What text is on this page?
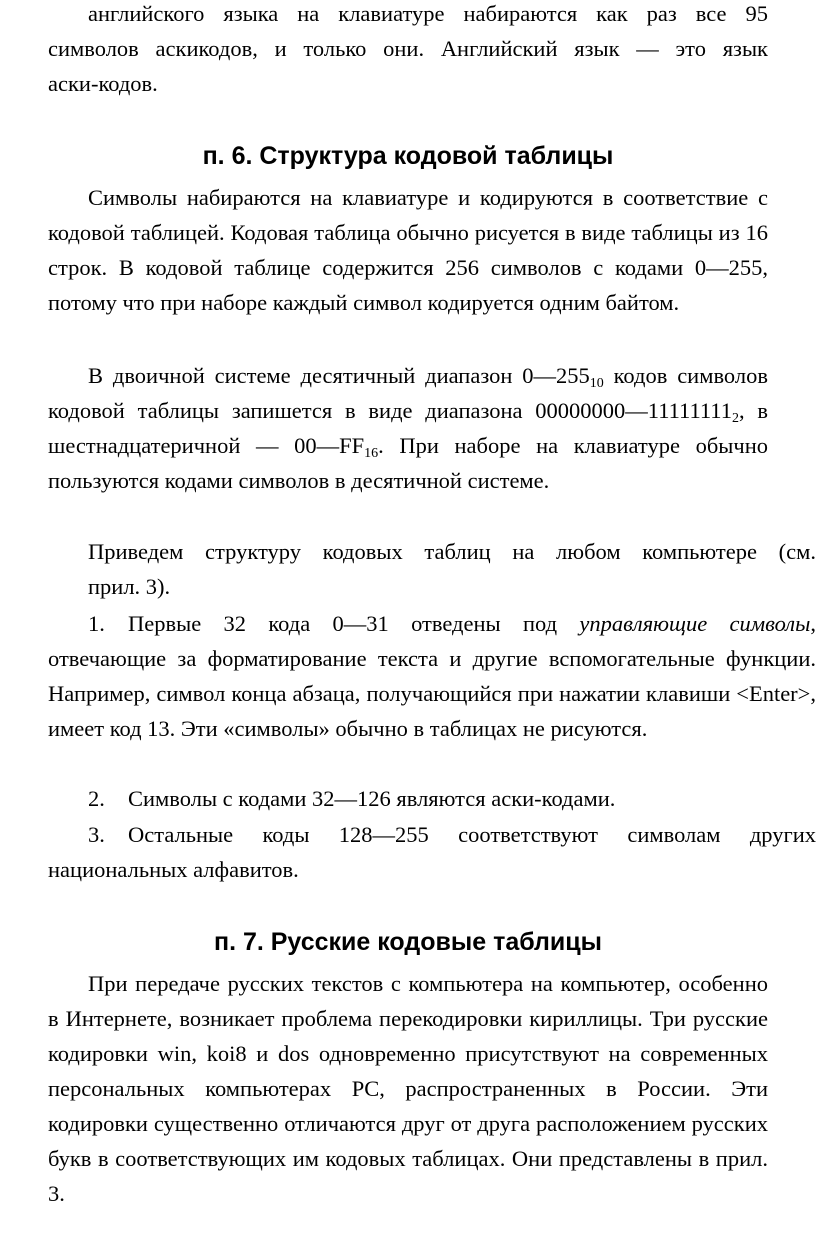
английского языка на клавиатуре набираются как раз все 95

символов аскикодов, и только они. Английский язык — это язык

аски-кодов.

п. 6. Структура кодовой таблицы

Символы набираются на клавиатуре и кодируются в соответствие с кодовой таблицей. Кодовая таблица обычно рисуется в виде таблицы из 16 строк. В кодовой таблице содержится 256 символов с кодами 0—255, потому что при наборе каждый символ кодируется одним байтом.

В двоичной системе десятичный диапазон $0—255_{10}$ кодов символов кодовой таблицы запишется в виде диапазона $00000000—11111111_2$, в шестнадцатеричной — $00—FF_{16}$. При наборе на клавиатуре обычно пользуются кодами символов в десятичной системе.

Приведем структуру кодовых таблиц на любом компьютере (см.

прил. 3).

1. Первые 32 кода 0—31 отведены под управляющие символы, отвечающие за форматирование текста и другие вспомогательные функции. Например, символ конца абзаца, получающийся при нажатии клавиши <Enter>, имеет код 13. Эти «символы» обычно в таблицах не рисуются.

2. Символы с кодами 32—126 являются аски-кодами.

3. Остальные коды 128—255 соответствуют символам других национальных алфавитов.

п. 7. Русские кодовые таблицы

При передаче русских текстов с компьютера на компьютер, особенно в Интернете, возникает проблема перекодировки кириллицы. Три русские кодировки win, koi8 и dos одновременно присутствуют на современных персональных компьютерах PC, распространенных в России. Эти кодировки существенно отличаются друг от друга расположением русских букв в соответствующих им кодовых таблицах. Они представлены в прил. 3.
